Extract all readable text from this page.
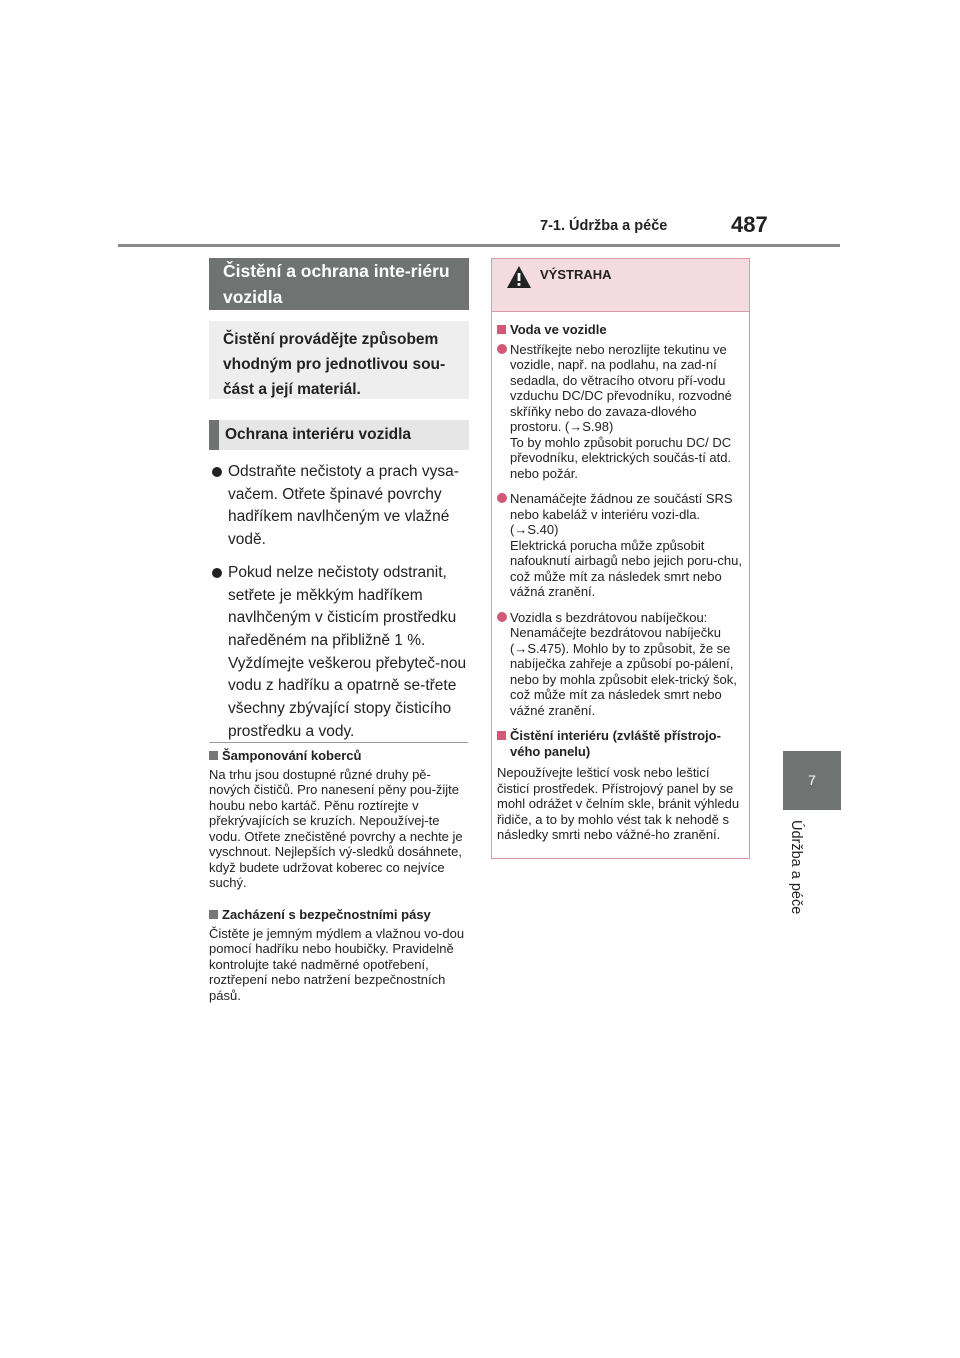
7-1. Údržba a péče	487
7
Údržba a péče
Čistění a ochrana inte-riéru vozidla
Čistění provádějte způsobem vhodným pro jednotlivou sou-část a její materiál.
Ochrana interiéru vozidla
Odstraňte nečistoty a prach vysa-vačem. Otřete špinavé povrchy hadříkem navlhčeným ve vlažné vodě.
Pokud nelze nečistoty odstranit, setřete je měkkým hadříkem navlhčeným v čisticím prostředku naředěném na přibližně 1 %. Vyždímejte veškerou přebyteč-nou vodu z hadříku a opatrně se-třete všechny zbývající stopy čisticího prostředku a vody.
Šamponování koberců
Na trhu jsou dostupné různé druhy pě-nových čističů. Pro nanesení pěny pou-žijte houbu nebo kartáč. Pěnu roztírejte v překrývajících se kruzích. Nepoužívej-te vodu. Otřete znečistěné povrchy a nechte je vyschnout. Nejlepších vý-sledků dosáhnete, když budete udržovat koberec co nejvíce suchý.
Zacházení s bezpečnostními pásy
Čistěte je jemným mýdlem a vlažnou vo-dou pomocí hadříku nebo houbičky. Pravidelně kontrolujte také nadměrné opotřebení, roztřepení nebo natržení bezpečnostních pásů.
VÝSTRAHA
Voda ve vozidle
Nestříkejte nebo nerozlijte tekutinu ve vozidle, např. na podlahu, na zad-ní sedadla, do větracího otvoru pří-vodu vzduchu DC/DC převodníku, rozvodné skříňky nebo do zavaza-dlového prostoru. (→S.98)
To by mohlo způsobit poruchu DC/ DC převodníku, elektrických součás-tí atd. nebo požár.
Nenamáčejte žádnou ze součástí SRS nebo kabeláž v interiéru vozi-dla. (→S.40)
Elektrická porucha může způsobit nafouknutí airbagů nebo jejich poru-chu, což může mít za následek smrt nebo vážná zranění.
Vozidla s bezdrátovou nabíječkou: Nenamáčejte bezdrátovou nabíječku (→S.475). Mohlo by to způsobit, že se nabíječka zahřeje a způsobí po-pálení, nebo by mohla způsobit elek-trický šok, což může mít za následek smrt nebo vážné zranění.
Čistění interiéru (zvláště přístrojo-vého panelu)
Nepoužívejte lešticí vosk nebo lešticí čisticí prostředek. Přístrojový panel by se mohl odrážet v čelním skle, bránit výhledu řidiče, a to by mohlo vést tak k nehodě s následky smrti nebo vážné-ho zranění.
